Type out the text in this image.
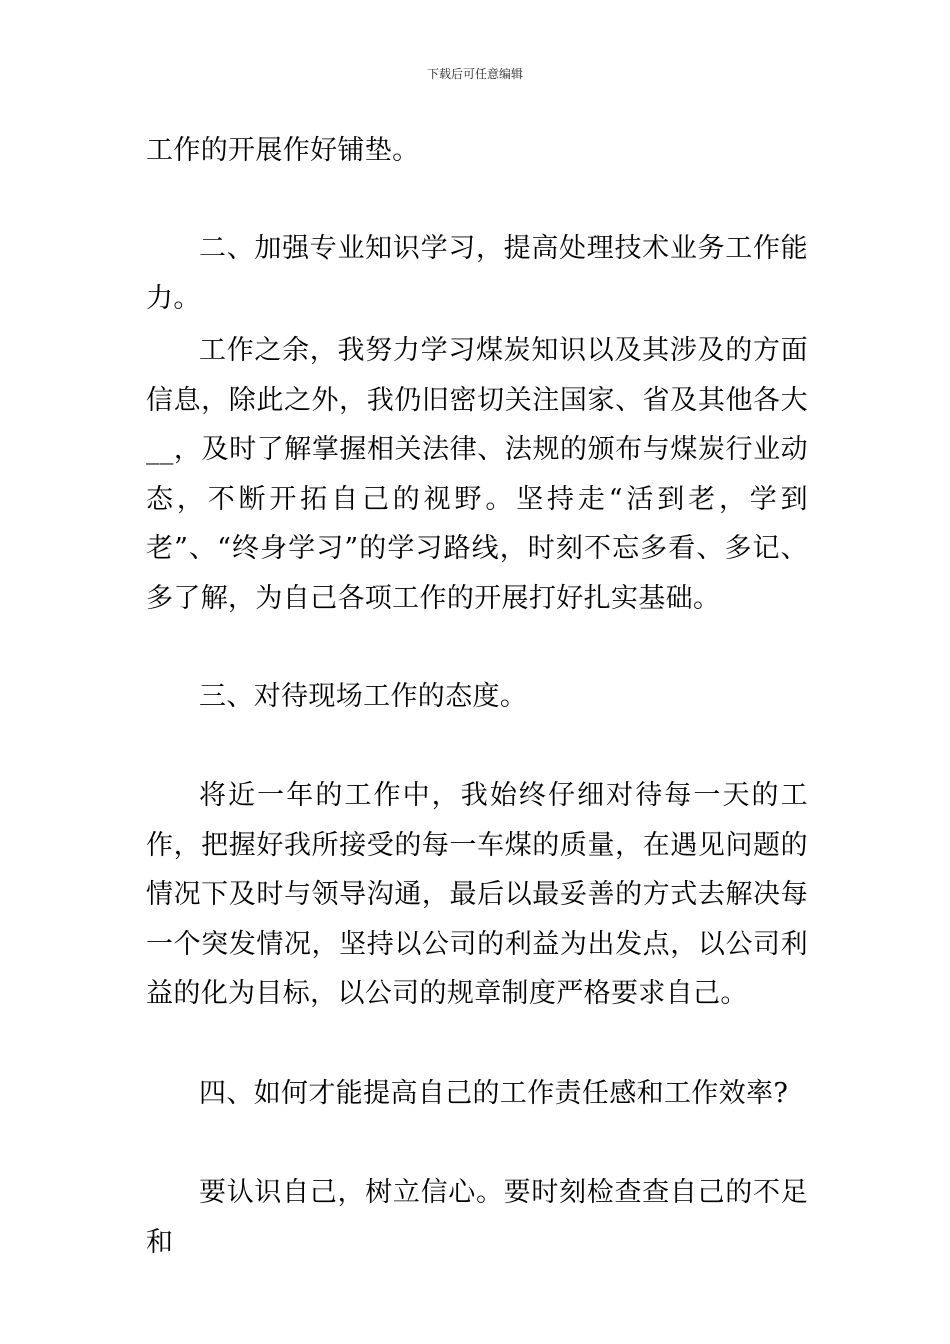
下载后可任意编辑

工作的开展作好铺垫。

二、加强专业知识学习，提高处理技术业务工作能力。

工作之余，我努力学习煤炭知识以及其涉及的方面信息，除此之外，我仍旧密切关注国家、省及其他各大__，及时了解掌握相关法律、法规的颁布与煤炭行业动态，不断开拓自己的视野。坚持走“活到老，学到老”、“终身学习”的学习路线，时刻不忘多看、多记、多了解，为自己各项工作的开展打好扎实基础。

三、对待现场工作的态度。

将近一年的工作中，我始终仔细对待每一天的工作，把握好我所接受的每一车煤的质量，在遇见问题的情况下及时与领导沟通，最后以最妥善的方式去解决每一个突发情况，坚持以公司的利益为出发点，以公司利益的化为目标，以公司的规章制度严格要求自己。

四、如何才能提高自己的工作责任感和工作效率?

要认识自己，树立信心。要时刻检查查自己的不足和
